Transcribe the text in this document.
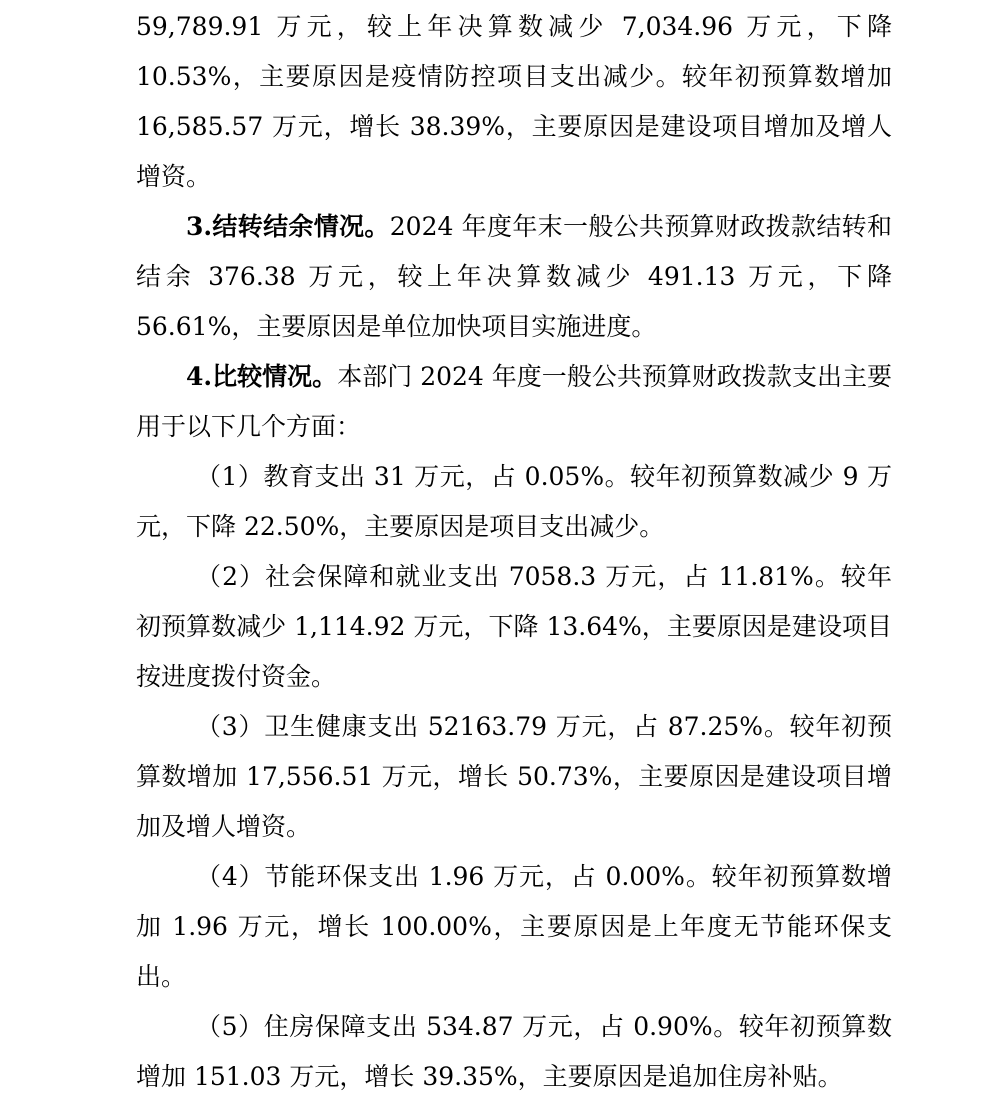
59,789.91 万元，较上年决算数减少 7,034.96 万元，下降 10.53%，主要原因是疫情防控项目支出减少。较年初预算数增加 16,585.57 万元，增长 38.39%，主要原因是建设项目增加及增人增资。

3.结转结余情况。2024 年度年末一般公共预算财政拨款结转和结余 376.38 万元，较上年决算数减少 491.13 万元，下降 56.61%，主要原因是单位加快项目实施进度。

4.比较情况。本部门 2024 年度一般公共预算财政拨款支出主要用于以下几个方面：

（1）教育支出 31 万元，占 0.05%。较年初预算数减少 9 万元，下降 22.50%，主要原因是项目支出减少。

（2）社会保障和就业支出 7058.3 万元，占 11.81%。较年初预算数减少 1,114.92 万元，下降 13.64%，主要原因是建设项目按进度拨付资金。

（3）卫生健康支出 52163.79 万元，占 87.25%。较年初预算数增加 17,556.51 万元，增长 50.73%，主要原因是建设项目增加及增人增资。

（4）节能环保支出 1.96 万元，占 0.00%。较年初预算数增加 1.96 万元，增长 100.00%，主要原因是上年度无节能环保支出。

（5）住房保障支出 534.87 万元，占 0.90%。较年初预算数增加 151.03 万元，增长 39.35%，主要原因是追加住房补贴。
